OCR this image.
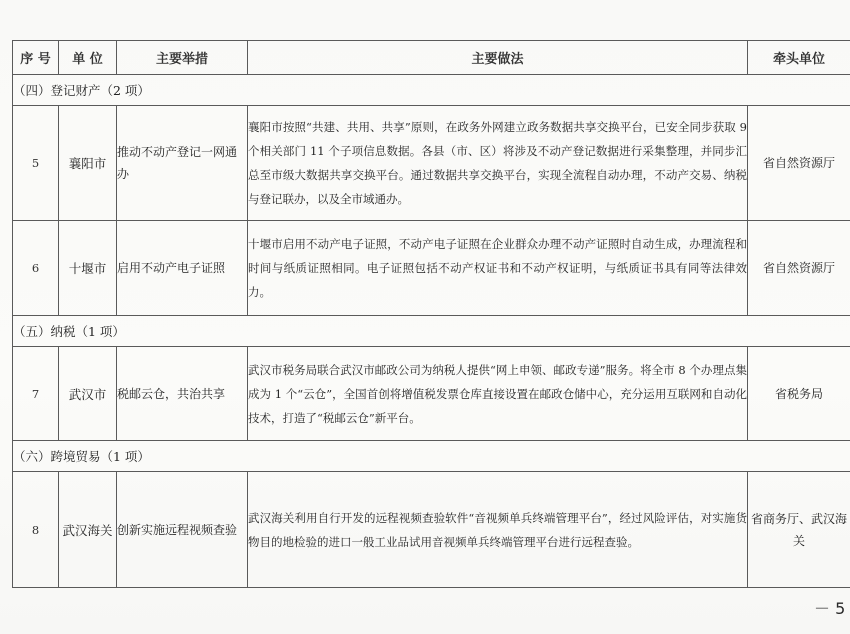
序 号	单 位	主要举措	主要做法	牵头单位
（四）登记财产（2 项）				
5	襄阳市	推动不动产登记一网通办	襄阳市按照“共建、共用、共享”原则，在政务外网建立政务数据共享交换平台，已安全同步获取 9 个相关部门 11 个子项信息数据。各县（市、区）将涉及不动产登记数据进行采集整理，并同步汇总至市级大数据共享交换平台。通过数据共享交换平台，实现全流程自动办理，不动产交易、纳税与登记联办，以及全市域通办。	省自然资源厅
6	十堰市	启用不动产电子证照	十堰市启用不动产电子证照，不动产电子证照在企业群众办理不动产证照时自动生成，办理流程和时间与纸质证照相同。电子证照包括不动产权证书和不动产权证明，与纸质证书具有同等法律效力。	省自然资源厅
（五）纳税（1 项）				
7	武汉市	税邮云仓，共治共享	武汉市税务局联合武汉市邮政公司为纳税人提供“网上申领、邮政专递”服务。将全市 8 个办理点集成为 1 个“云仓”，全国首创将增值税发票仓库直接设置在邮政仓储中心，充分运用互联网和自动化技术，打造了“税邮云仓”新平台。	省税务局
（六）跨境贸易（1 项）				
8	武汉海关	创新实施远程视频查验	武汉海关利用自行开发的远程视频查验软件“音视频单兵终端管理平台”，经过风险评估，对实施货物目的地检验的进口一般工业品试用音视频单兵终端管理平台进行远程查验。	省商务厅、武汉海
关
－ 5
